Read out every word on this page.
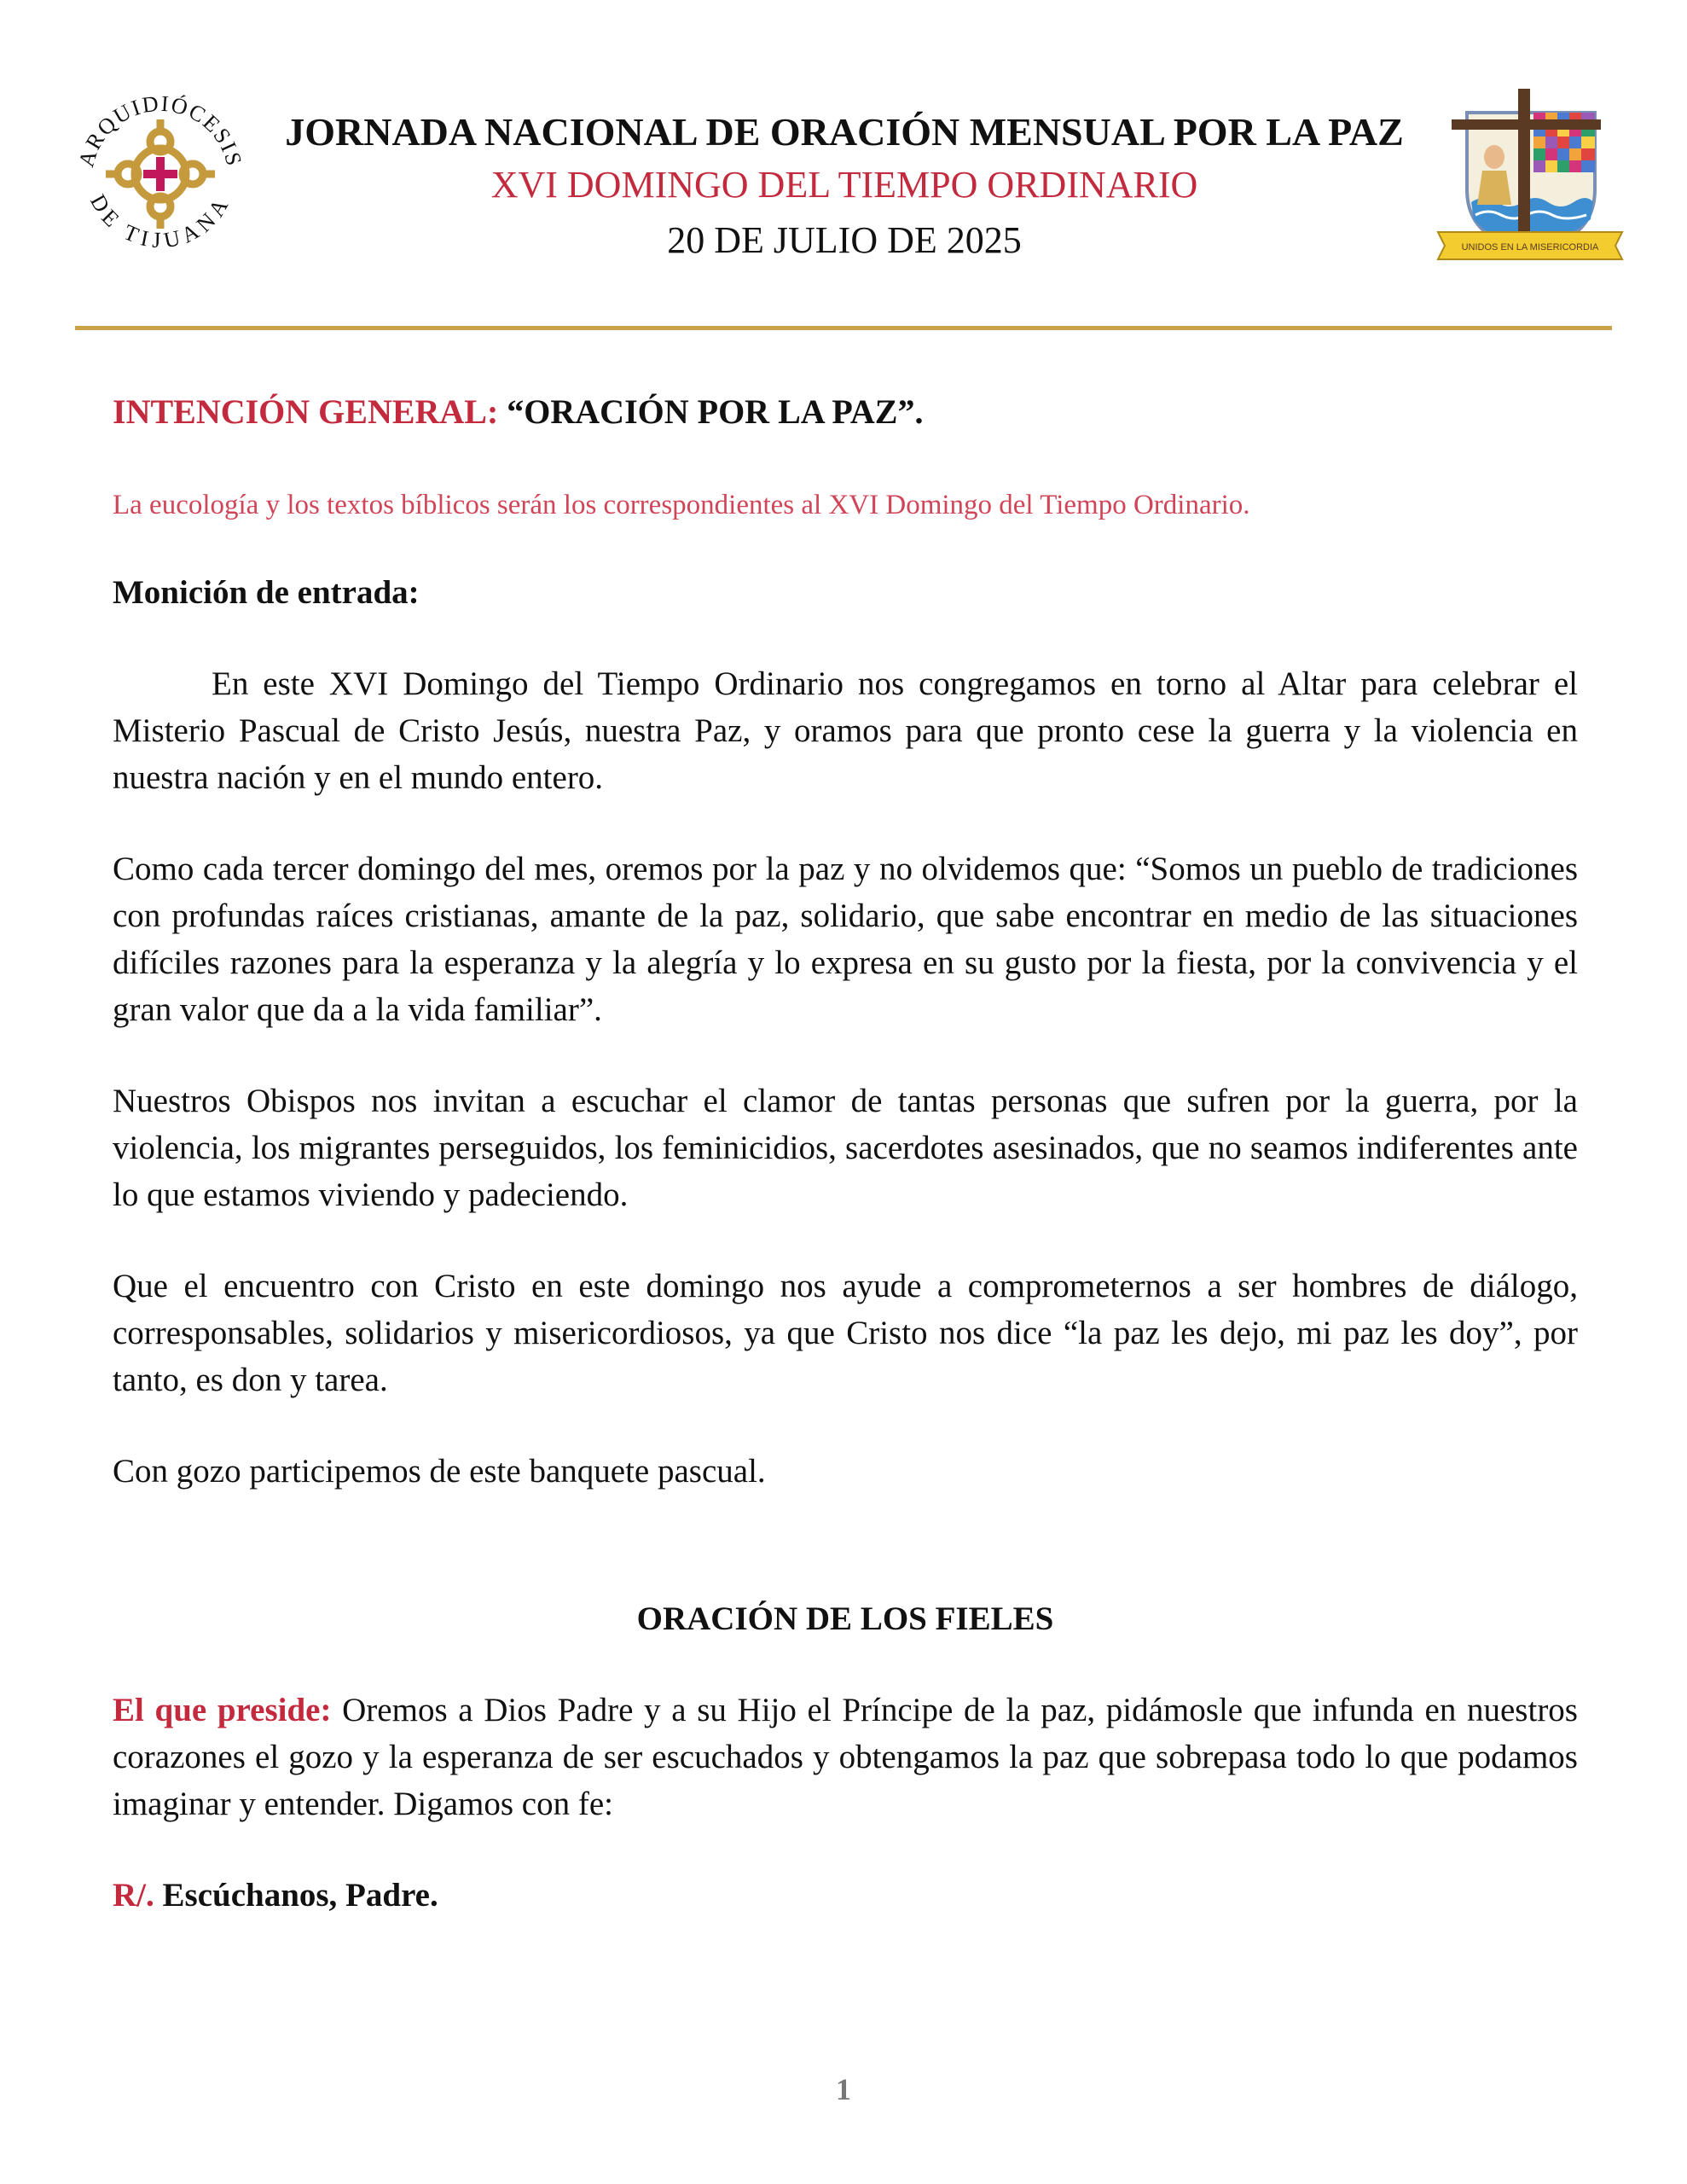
ARQUIDIÓCESIS
DE TIJUANA
JORNADA NACIONAL DE ORACIÓN MENSUAL POR LA PAZ
XVI DOMINGO DEL TIEMPO ORDINARIO
20 DE JULIO DE 2025	UNIDOS EN LA MISERICORDIA

INTENCIÓN GENERAL: “ORACIÓN POR LA PAZ”.

La eucología y los textos bíblicos serán los correspondientes al XVI Domingo del Tiempo Ordinario.

Monición de entrada:

En este XVI Domingo del Tiempo Ordinario nos congregamos en torno al Altar para celebrar el Misterio Pascual de Cristo Jesús, nuestra Paz, y oramos para que pronto cese la guerra y la violencia en nuestra nación y en el mundo entero.

Como cada tercer domingo del mes, oremos por la paz y no olvidemos que: “Somos un pueblo de tradiciones con profundas raíces cristianas, amante de la paz, solidario, que sabe encontrar en medio de las situaciones difíciles razones para la esperanza y la alegría y lo expresa en su gusto por la fiesta, por la convivencia y el gran valor que da a la vida familiar”.

Nuestros Obispos nos invitan a escuchar el clamor de tantas personas que sufren por la guerra, por la violencia, los migrantes perseguidos, los feminicidios, sacerdotes asesinados, que no seamos indiferentes ante lo que estamos viviendo y padeciendo.

Que el encuentro con Cristo en este domingo nos ayude a comprometernos a ser hombres de diálogo, corresponsables, solidarios y misericordiosos, ya que Cristo nos dice “la paz les dejo, mi paz les doy”, por tanto, es don y tarea.

Con gozo participemos de este banquete pascual.

ORACIÓN DE LOS FIELES

El que preside: Oremos a Dios Padre y a su Hijo el Príncipe de la paz, pidámosle que infunda en nuestros corazones el gozo y la esperanza de ser escuchados y obtengamos la paz que sobrepasa todo lo que podamos imaginar y entender. Digamos con fe:

R/. Escúchanos, Padre.

1
